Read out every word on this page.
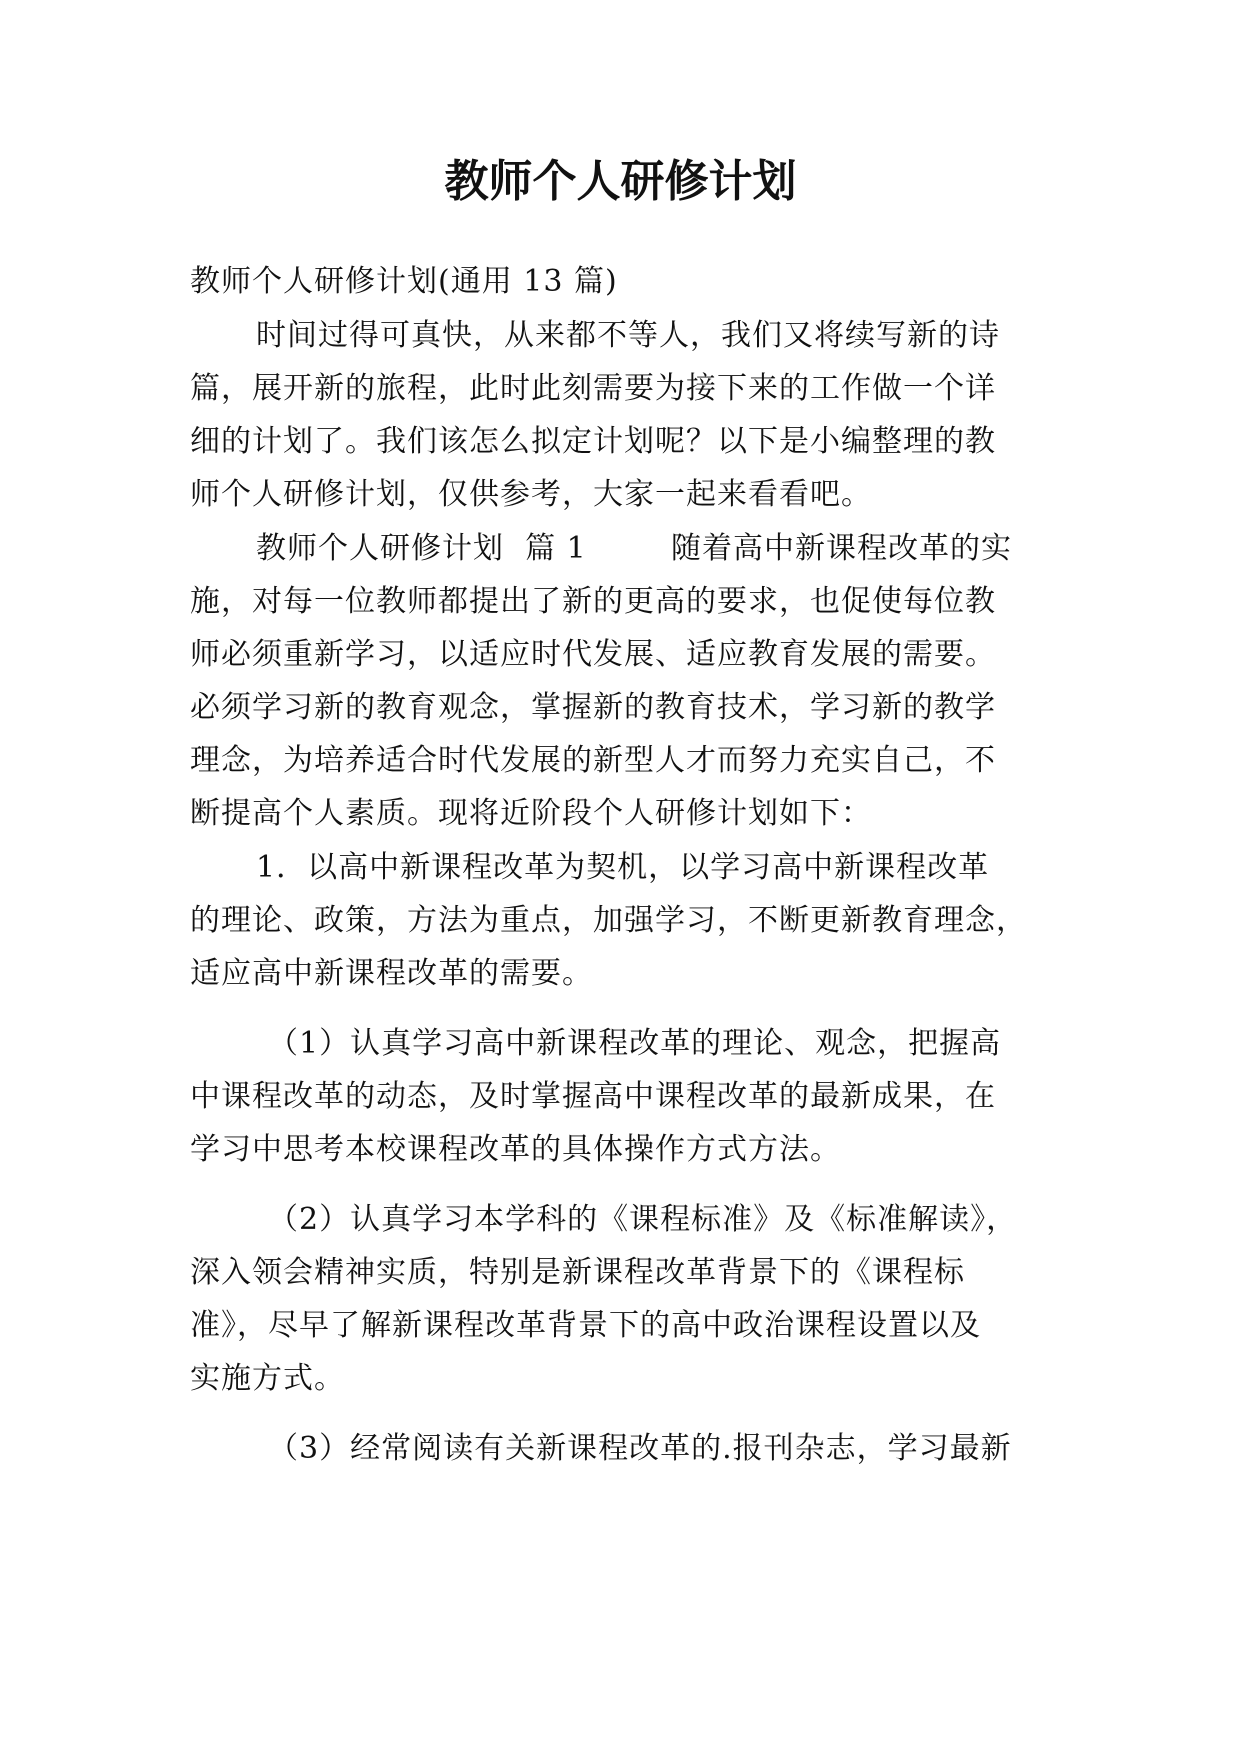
教师个人研修计划
教师个人研修计划(通用 13 篇)
时间过得可真快，从来都不等人，我们又将续写新的诗
篇，展开新的旅程，此时此刻需要为接下来的工作做一个详
细的计划了。我们该怎么拟定计划呢？以下是小编整理的教
师个人研修计划，仅供参考，大家一起来看看吧。
教师个人研修计划  篇 1        随着高中新课程改革的实
施，对每一位教师都提出了新的更高的要求，也促使每位教
师必须重新学习，以适应时代发展、适应教育发展的需要。
必须学习新的教育观念，掌握新的教育技术，学习新的教学
理念，为培养适合时代发展的新型人才而努力充实自己，不
断提高个人素质。现将近阶段个人研修计划如下：
1．以高中新课程改革为契机，以学习高中新课程改革
的理论、政策，方法为重点，加强学习，不断更新教育理念，
适应高中新课程改革的需要。
（1）认真学习高中新课程改革的理论、观念，把握高
中课程改革的动态，及时掌握高中课程改革的最新成果，在
学习中思考本校课程改革的具体操作方式方法。
（2）认真学习本学科的《课程标准》及《标准解读》，
深入领会精神实质，特别是新课程改革背景下的《课程标
准》，尽早了解新课程改革背景下的高中政治课程设置以及
实施方式。
（3）经常阅读有关新课程改革的.报刊杂志，学习最新
